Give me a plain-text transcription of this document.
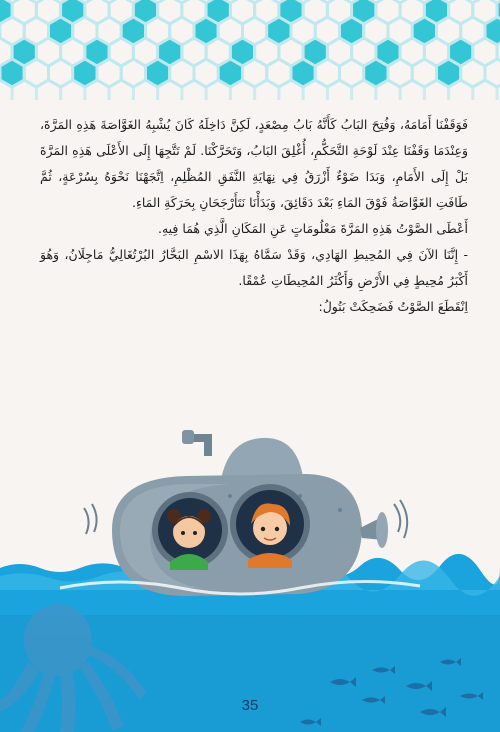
فَوَقَفْنَا أَمَامَهُ، وَفُتِحَ البَابُ كَأَنَّهُ بَابُ مِصْعَدٍ، لَكِنَّ دَاخِلَهُ كَانَ يُشْبِهُ الغَوَّاصَةَ هَذِهِ المَرَّةَ، وَعِنْدَمَا وَقَفْنَا عِنْدَ لَوْحَةِ التَّحَكُّمِ، أُغْلِقَ البَابُ، وَتَحَرَّكْنَا. لَمْ تَتَّجِهَا إِلَى الأَعْلَى هَذِهِ المَرَّةَ بَلْ إِلَى الأَمَامِ، وَبَدَا ضَوْءٌ أَزْرَقُ فِي نِهَايَةِ النَّفَقِ المُظْلِمِ، اِتَّجَهْنَا نَحْوَهُ بِسُرْعَةٍ، ثُمَّ طَافَتِ الغَوَّاصَةُ فَوْقَ المَاءِ بَعْدَ دَقَائِقَ، وَبَدَأْنَا نَتَأَرْجَحَانِ بِحَرَكَةِ المَاءِ.

أَعْطَى الصَّوْتُ هَذِهِ المَرَّةَ مَعْلُومَاتٍ عَنِ المَكَانِ الَّذِي هُمَا فِيهِ.

- إِنَّنَا الآنَ فِي المُحِيطِ الهَادِي، وَقَدْ سَمَّاهُ بِهَذَا الاسْمِ البَحَّارُ البُرْتُغَالِيُّ مَاجِلَانُ، وَهُوَ أَكْبَرُ مُحِيطٍ فِي الأَرْضِ وَأَكْثَرُ المُحِيطَاتِ عُمْقًا.

اِنْقَطَعَ الصَّوْتُ فَضَحِكَتْ بَتُولُ:

35
